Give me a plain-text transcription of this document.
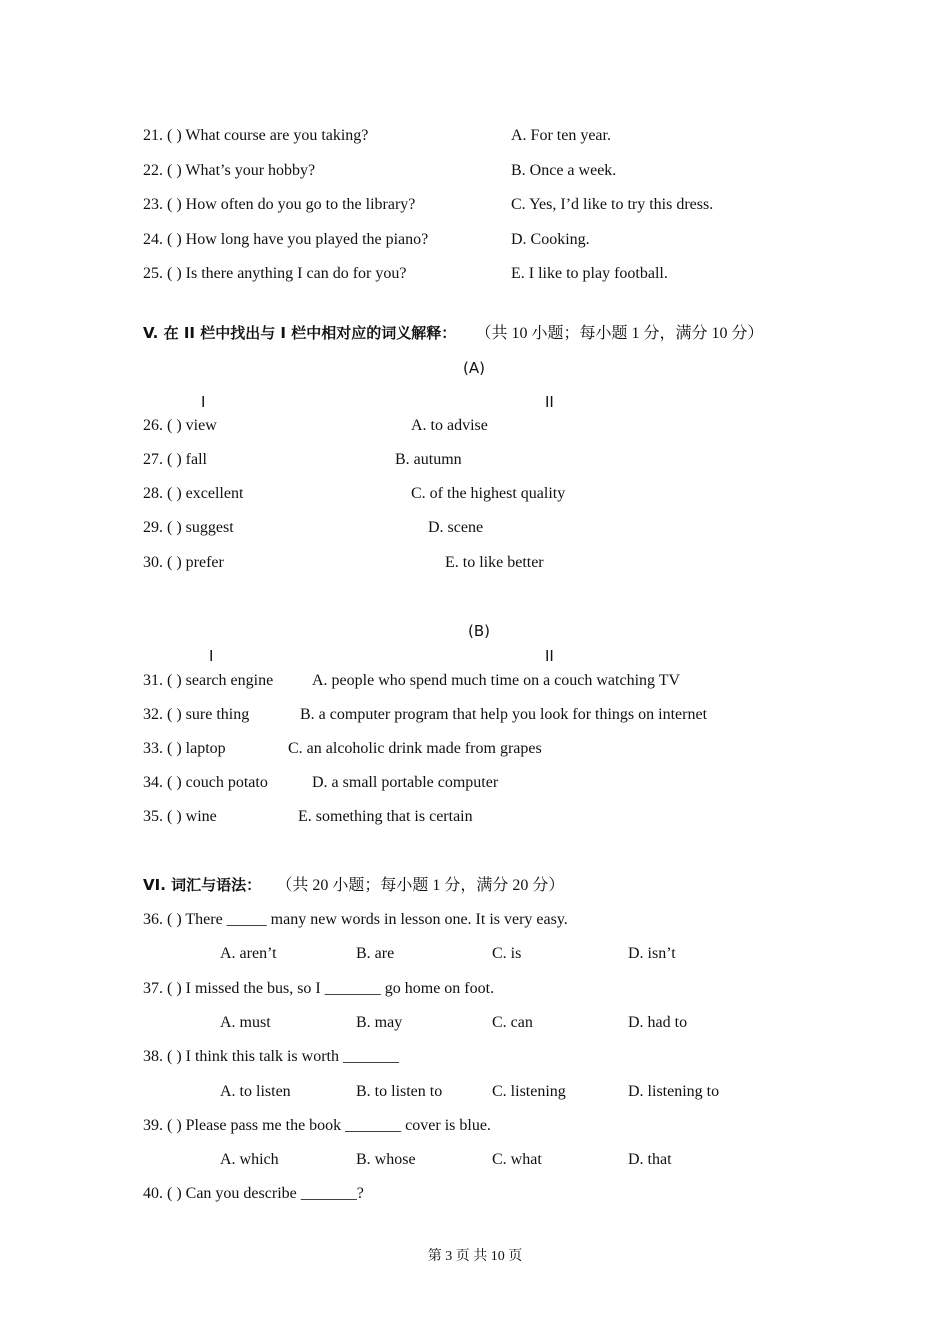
21. ( ) What course are you taking?	A. For ten year.
22. ( ) What’s your hobby?	B. Once a week.
23. ( ) How often do you go to the library?	C. Yes, I’d like to try this dress.
24. ( ) How long have you played the piano?	D. Cooking.
25. ( ) Is there anything I can do for you?	E. I like to play football.
V. 在 II 栏中找出与 I 栏中相对应的词义解释： （共 10 小题；每小题 1 分，满分 10 分）
(A)
I	II
26. ( ) view	A. to advise
27. ( ) fall	B. autumn
28. ( ) excellent	C. of the highest quality
29. ( ) suggest	D. scene
30. ( ) prefer	E. to like better
(B)
I	II
31. ( ) search engine A. people who spend much time on a couch watching TV
32. ( ) sure thing	B. a computer program that help you look for things on internet
33. ( ) laptop	C. an alcoholic drink made from grapes
34. ( ) couch potato	D. a small portable computer
35. ( ) wine	E. something that is certain
VI. 词汇与语法： （共 20 小题；每小题 1 分，满分 20 分）
36. ( ) There _____ many new words in lesson one. It is very easy.
A. aren’t	B. are	C. is	D. isn’t
37. ( ) I missed the bus, so I _______ go home on foot.
A. must	B. may	C. can	D. had to
38. ( ) I think this talk is worth _______
A. to listen	B. to listen to	C. listening	D. listening to
39. ( ) Please pass me the book _______ cover is blue.
A. which	B. whose	C. what	D. that
40. ( ) Can you describe _______?
第 3 页 共 10 页
